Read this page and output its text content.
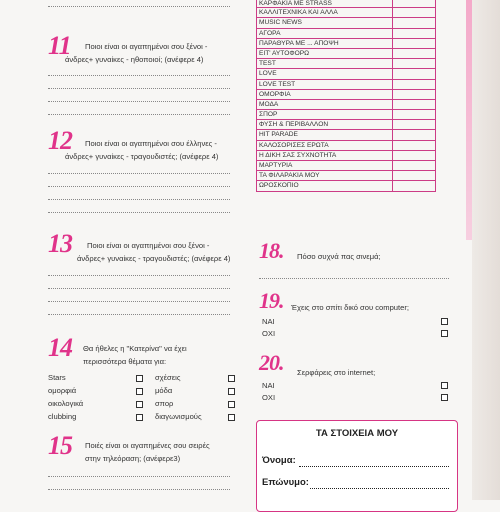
11 Ποιοι είναι οι αγαπημένοι σου ξένοι -
άνδρες+ γυναίκες - ηθοποιοί; (ανέφερε 4)
12 Ποιοι είναι οι αγαπημένοι σου έλληνες -
άνδρες+ γυναίκες - τραγουδιστές; (ανέφερε 4)
13 Ποιοι είναι οι αγαπημένοι σου ξένοι -
άνδρες+ γυναίκες - τραγουδιστές; (ανέφερε 4)
14 Θα ήθελες η "Κατερίνα" να έχει
περισσότερα θέματα για:
Stars
ομορφιά
οικολογικά
clubbing
σχέσεις
μόδα
σπορ
διαγωνισμούς
15 Ποιές είναι οι αγαπημένες σου σειρές
στην τηλεόραση; (ανέφερε3)
ΚΑΡΦΑΚΙΑ ΜΕ STRASS
ΚΑΛΛΙΤΕΧΝΙΚΑ ΚΑΙ ΑΛΛΑ
MUSIC NEWS
ΑΓΟΡΑ
ΠΑΡΑΘΥΡΑ ΜΕ ... ΑΠΟΨΗ
ΕΙΤ' ΑΥΤΟΦΟΡΩ
TEST
LOVE
LOVE TEST
ΟΜΟΡΦΙΑ
ΜΟΔΑ
ΣΠΟΡ
ΦΥΣΗ & ΠΕΡΙΒΑΛΛΟΝ
HIT PARADE
ΚΑΛΟΣΟΡΙΣΕΣ ΕΡΩΤΑ
Η ΔΙΚΗ ΣΑΣ ΣΥΧΝΟΤΗΤΑ
ΜΑΡΤΥΡΙΑ
ΤΑ ΦΙΛΑΡΑΚΙΑ ΜΟΥ
ΩΡΟΣΚΟΠΙΟ
18. Πόσο συχνά πας σινεμά;
19. Έχεις στο σπίτι δικό σου computer;
ΝΑΙ
ΟΧΙ
20. Σερφάρεις στο internet;
ΝΑΙ
ΟΧΙ
ΤΑ ΣΤΟΙΧΕΙΑ ΜΟΥ
Όνομα:
Επώνυμο:
